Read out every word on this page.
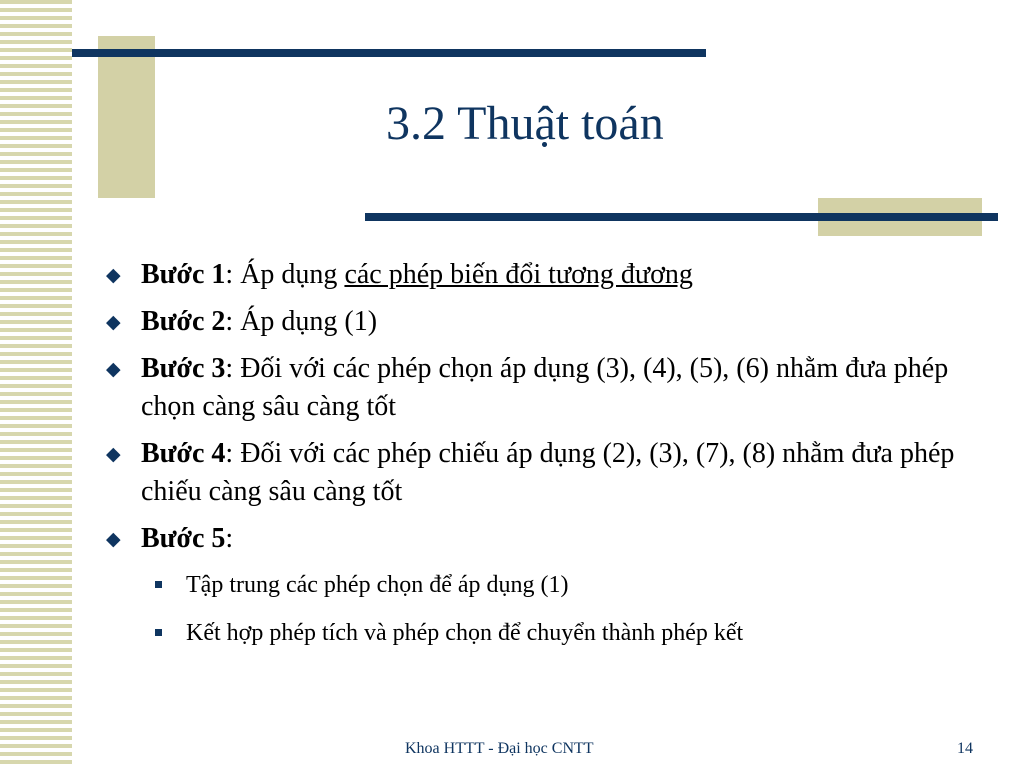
3.2 Thuật toán
◆ Bước 1: Áp dụng các phép biến đổi tương đương
◆ Bước 2: Áp dụng (1)
◆ Bước 3: Đối với các phép chọn áp dụng (3), (4), (5), (6) nhằm đưa phép chọn càng sâu càng tốt
◆ Bước 4: Đối với các phép chiếu áp dụng (2), (3), (7), (8) nhằm đưa phép chiếu càng sâu càng tốt
◆ Bước 5:
Tập trung các phép chọn để áp dụng (1)
Kết hợp phép tích và phép chọn để chuyển thành phép kết
Khoa HTTT - Đại học CNTT	14
